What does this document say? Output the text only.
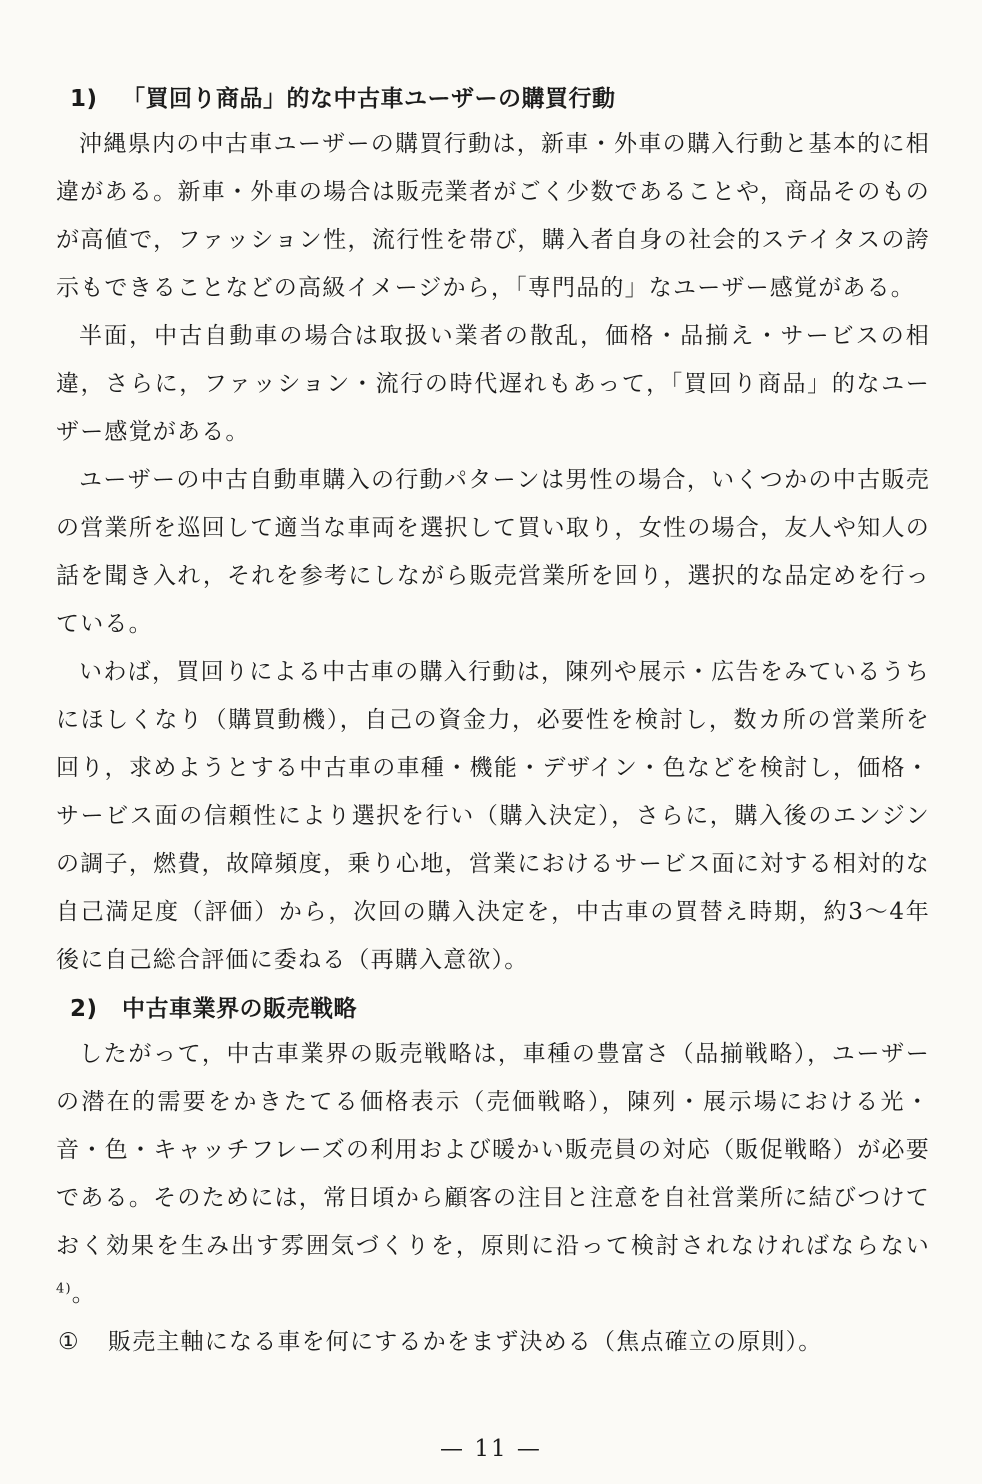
1) 「買回り商品」的な中古車ユーザーの購買行動

沖縄県内の中古車ユーザーの購買行動は，新車・外車の購入行動と基本的に相違がある。新車・外車の場合は販売業者がごく少数であることや，商品そのものが高値で，ファッション性，流行性を帯び，購入者自身の社会的ステイタスの誇示もできることなどの高級イメージから，「専門品的」なユーザー感覚がある。

半面，中古自動車の場合は取扱い業者の散乱，価格・品揃え・サービスの相違，さらに，ファッション・流行の時代遅れもあって，「買回り商品」的なユーザー感覚がある。

ユーザーの中古自動車購入の行動パターンは男性の場合，いくつかの中古販売の営業所を巡回して適当な車両を選択して買い取り，女性の場合，友人や知人の話を聞き入れ，それを参考にしながら販売営業所を回り，選択的な品定めを行っている。

いわば，買回りによる中古車の購入行動は，陳列や展示・広告をみているうちにほしくなり（購買動機），自己の資金力，必要性を検討し，数カ所の営業所を回り，求めようとする中古車の車種・機能・デザイン・色などを検討し，価格・サービス面の信頼性により選択を行い（購入決定），さらに，購入後のエンジンの調子，燃費，故障頻度，乗り心地，営業におけるサービス面に対する相対的な自己満足度（評価）から，次回の購入決定を，中古車の買替え時期，約3～4年後に自己総合評価に委ねる（再購入意欲）。

2) 中古車業界の販売戦略

したがって，中古車業界の販売戦略は，車種の豊富さ（品揃戦略），ユーザーの潜在的需要をかきたてる価格表示（売価戦略），陳列・展示場における光・音・色・キャッチフレーズの利用および暖かい販売員の対応（販促戦略）が必要である。そのためには，常日頃から顧客の注目と注意を自社営業所に結びつけておく効果を生み出す雰囲気づくりを，原則に沿って検討されなければならない$^{4)}$。

① 販売主軸になる車を何にするかをまず決める（焦点確立の原則）。

— 11 —
